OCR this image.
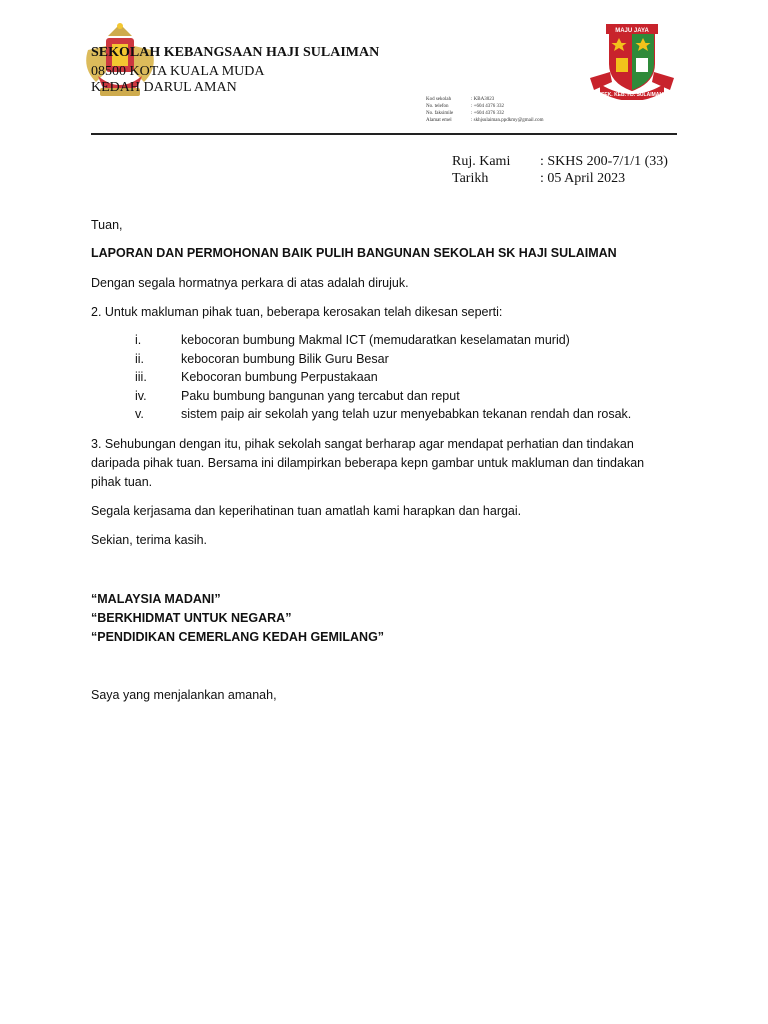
SEKOLAH KEBANGSAAN HAJI SULAIMAN
08500 KOTA KUALA MUDA
KEDAH DARUL AMAN
MAJU JAYA
SEK. KEB. HJ. SULAIMAN
Kod sekolah	: KBA3023
No. telefon	: +604 4376 332
No. faksimile	: +604 4376 332
Alamat emel	: skhjsulaiman.ppdkmy@gmail.com
Ruj. Kami : SKHS 200-7/1/1 (33)
Tarikh	: 05 April 2023
Tuan,
LAPORAN DAN PERMOHONAN BAIK PULIH BANGUNAN SEKOLAH SK HAJI SULAIMAN
Dengan segala hormatnya perkara di atas adalah dirujuk.
2. Untuk makluman pihak tuan, beberapa kerosakan telah dikesan seperti:
i.	kebocoran bumbung Makmal ICT (memudaratkan keselamatan murid)
ii.	kebocoran bumbung Bilik Guru Besar
iii.	Kebocoran bumbung Perpustakaan
iv.	Paku bumbung bangunan yang tercabut dan reput
v.	sistem paip air sekolah yang telah uzur menyebabkan tekanan rendah dan rosak.
3. Sehubungan dengan itu, pihak sekolah sangat berharap agar mendapat perhatian dan tindakan daripada pihak tuan. Bersama ini dilampirkan beberapa kepn gambar untuk makluman dan tindakan pihak tuan.
Segala kerjasama dan keperihatinan tuan amatlah kami harapkan dan hargai.
Sekian, terima kasih.
“MALAYSIA MADANI”
“BERKHIDMAT UNTUK NEGARA”
“PENDIDIKAN CEMERLANG KEDAH GEMILANG”
Saya yang menjalankan amanah,
